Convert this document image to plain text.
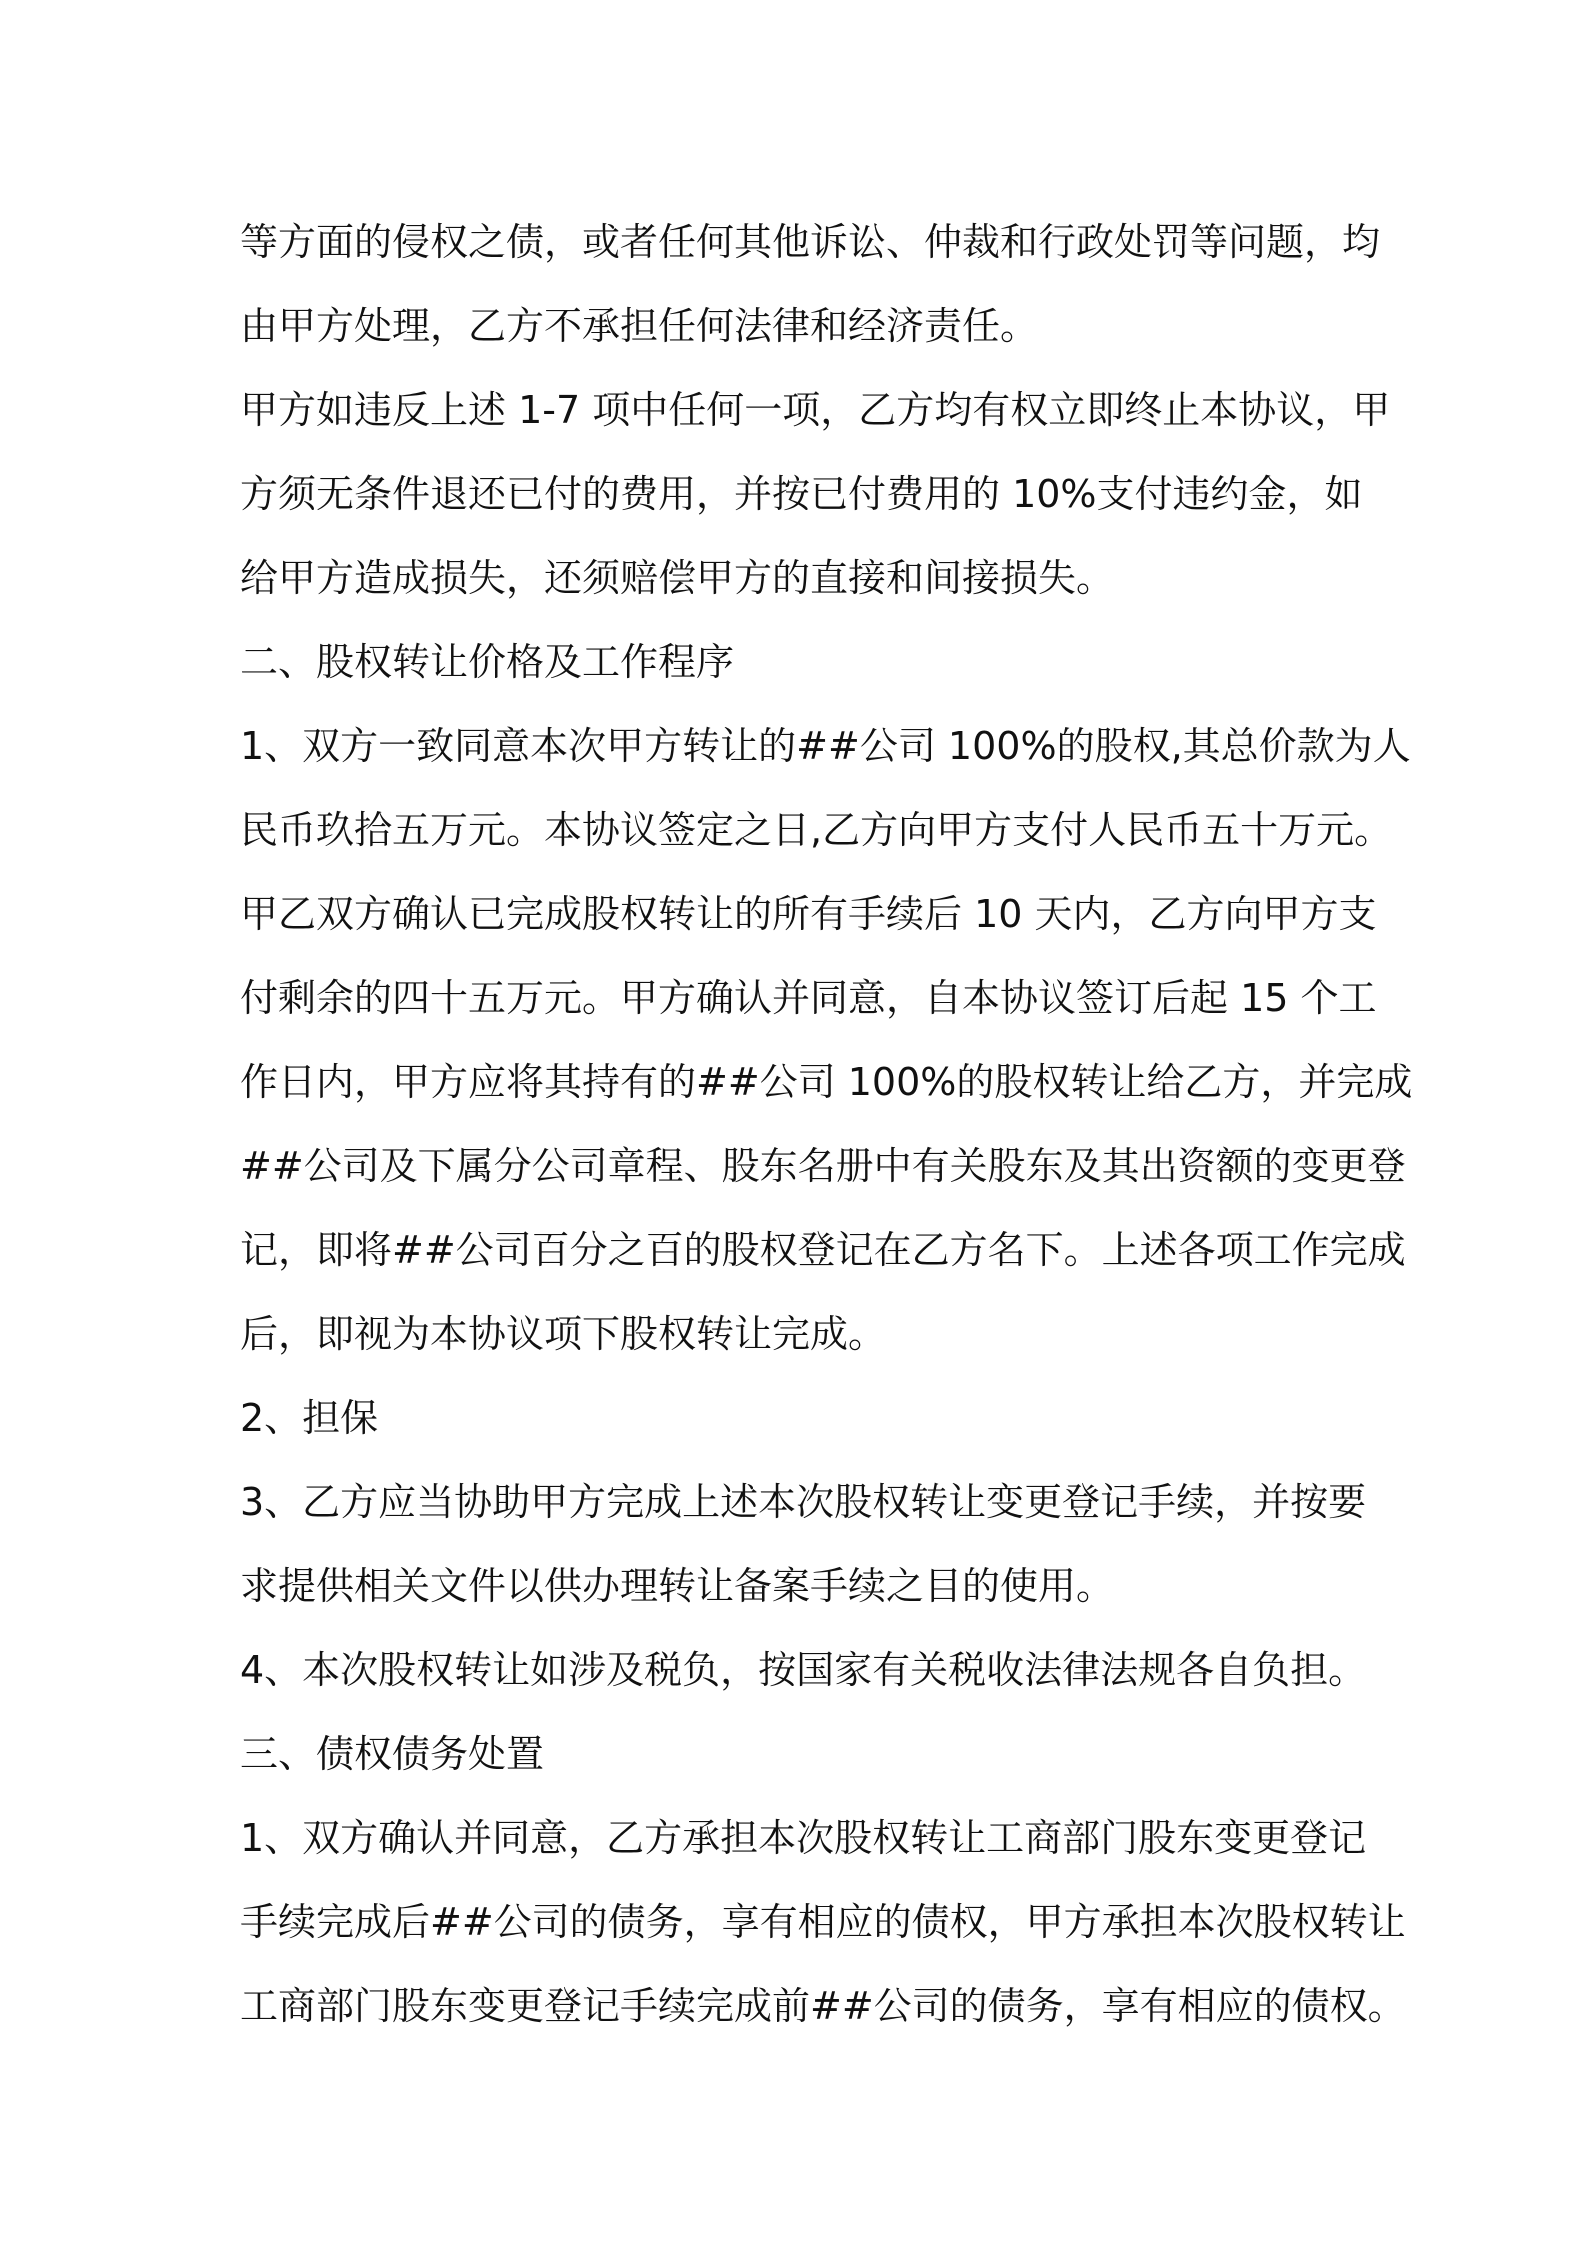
等方面的侵权之债，或者任何其他诉讼、仲裁和行政处罚等问题，均
由甲方处理，乙方不承担任何法律和经济责任。
甲方如违反上述 1-7 项中任何一项，乙方均有权立即终止本协议，甲
方须无条件退还已付的费用，并按已付费用的 10%支付违约金，如
给甲方造成损失，还须赔偿甲方的直接和间接损失。
二、股权转让价格及工作程序
1、双方一致同意本次甲方转让的##公司 100%的股权,其总价款为人
民币玖拾五万元。本协议签定之日,乙方向甲方支付人民币五十万元。
甲乙双方确认已完成股权转让的所有手续后 10 天内，乙方向甲方支
付剩余的四十五万元。甲方确认并同意，自本协议签订后起 15 个工
作日内，甲方应将其持有的##公司 100%的股权转让给乙方，并完成
##公司及下属分公司章程、股东名册中有关股东及其出资额的变更登
记，即将##公司百分之百的股权登记在乙方名下。上述各项工作完成
后，即视为本协议项下股权转让完成。
2、担保
3、乙方应当协助甲方完成上述本次股权转让变更登记手续，并按要
求提供相关文件以供办理转让备案手续之目的使用。
4、本次股权转让如涉及税负，按国家有关税收法律法规各自负担。
三、债权债务处置
1、双方确认并同意，乙方承担本次股权转让工商部门股东变更登记
手续完成后##公司的债务，享有相应的债权，甲方承担本次股权转让
工商部门股东变更登记手续完成前##公司的债务，享有相应的债权。
